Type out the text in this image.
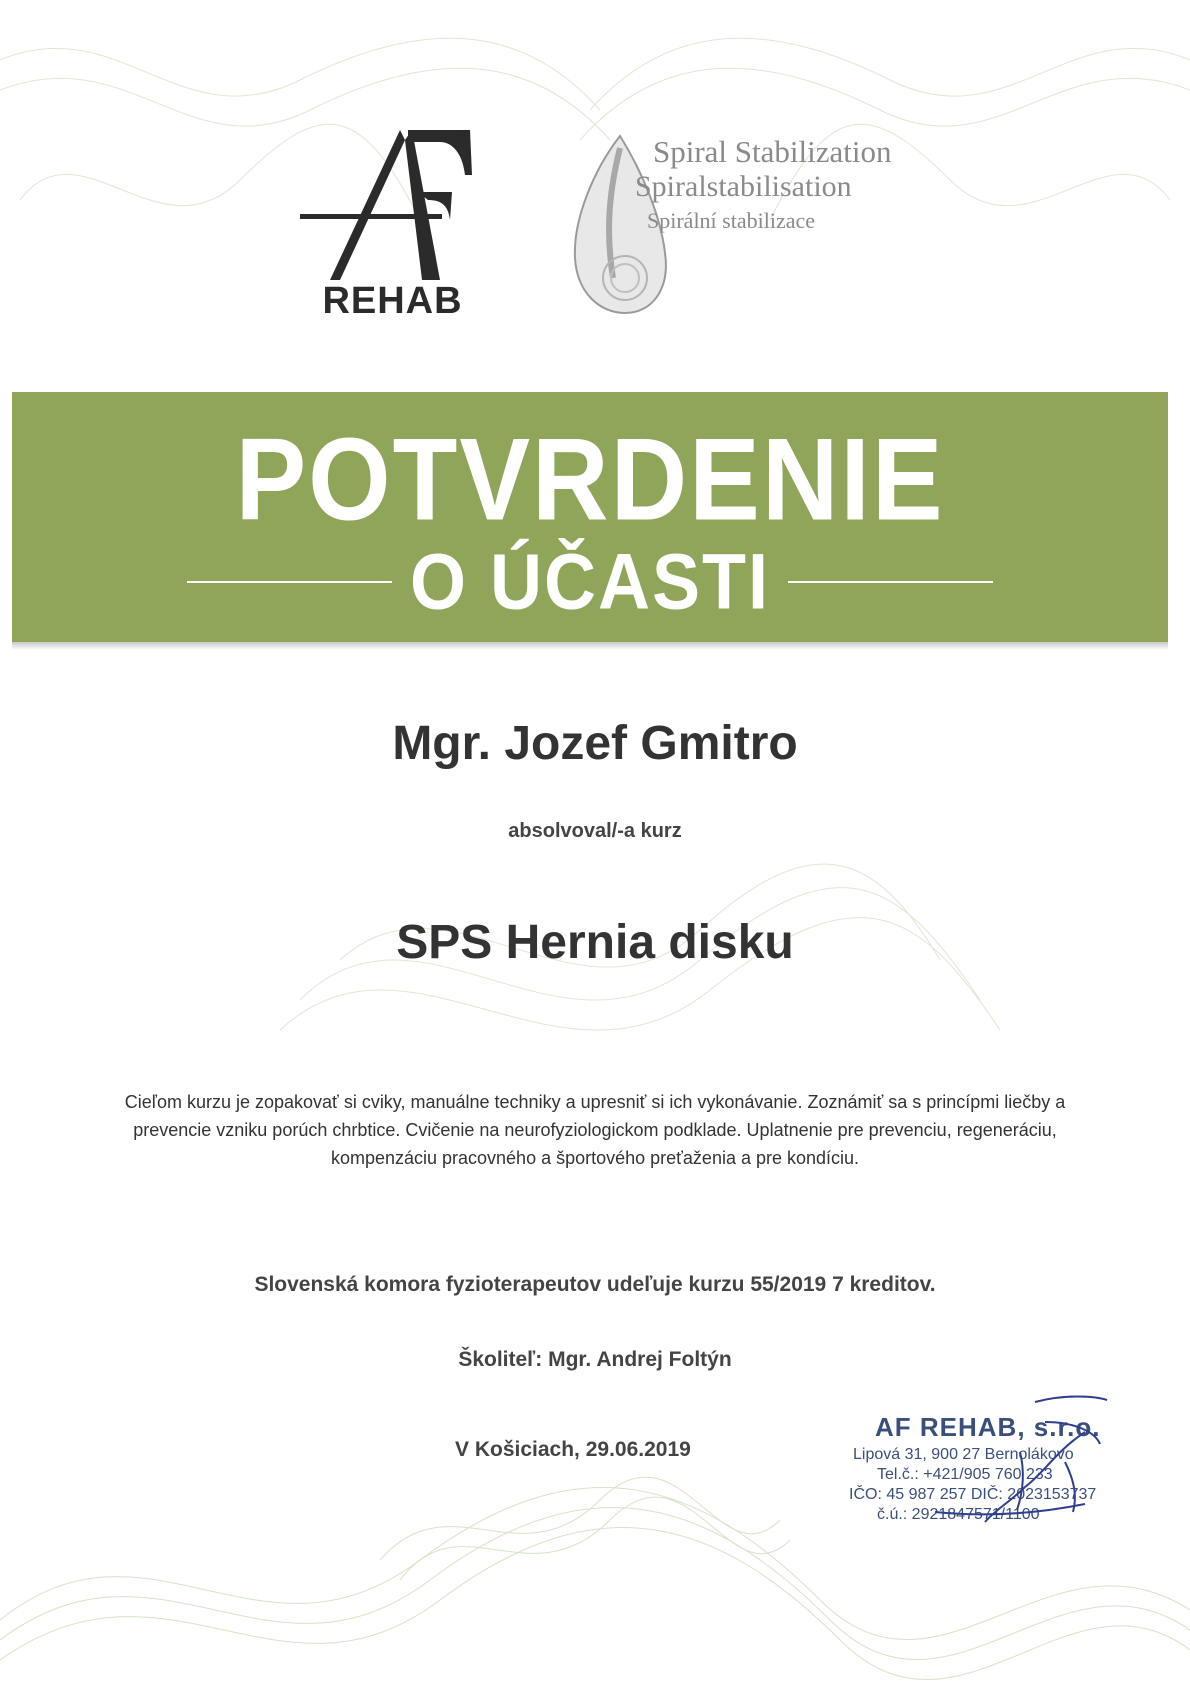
REHAB
Spiral Stabilization
Spiralstabilisation
Spirální stabilizace
POTVRDENIE
O ÚČASTI
Mgr. Jozef Gmitro
absolvoval/-a kurz
SPS Hernia disku
Cieľom kurzu je zopakovať si cviky, manuálne techniky a upresniť si ich vykonávanie. Zoznámiť sa s princípmi liečby a prevencie vzniku porúch chrbtice. Cvičenie na neurofyziologickom podklade. Uplatnenie pre prevenciu, regeneráciu, kompenzáciu pracovného a športového preťaženia a pre kondíciu.
Slovenská komora fyzioterapeutov udeľuje kurzu 55/2019 7 kreditov.
Školiteľ: Mgr. Andrej Foltýn
V Košiciach, 29.06.2019
AF REHAB, s.r.o.
Lipová 31, 900 27 Bernolákovo
Tel.č.: +421/905 760 233
IČO: 45 987 257 DIČ: 2023153737
č.ú.: 2921847571/1100
